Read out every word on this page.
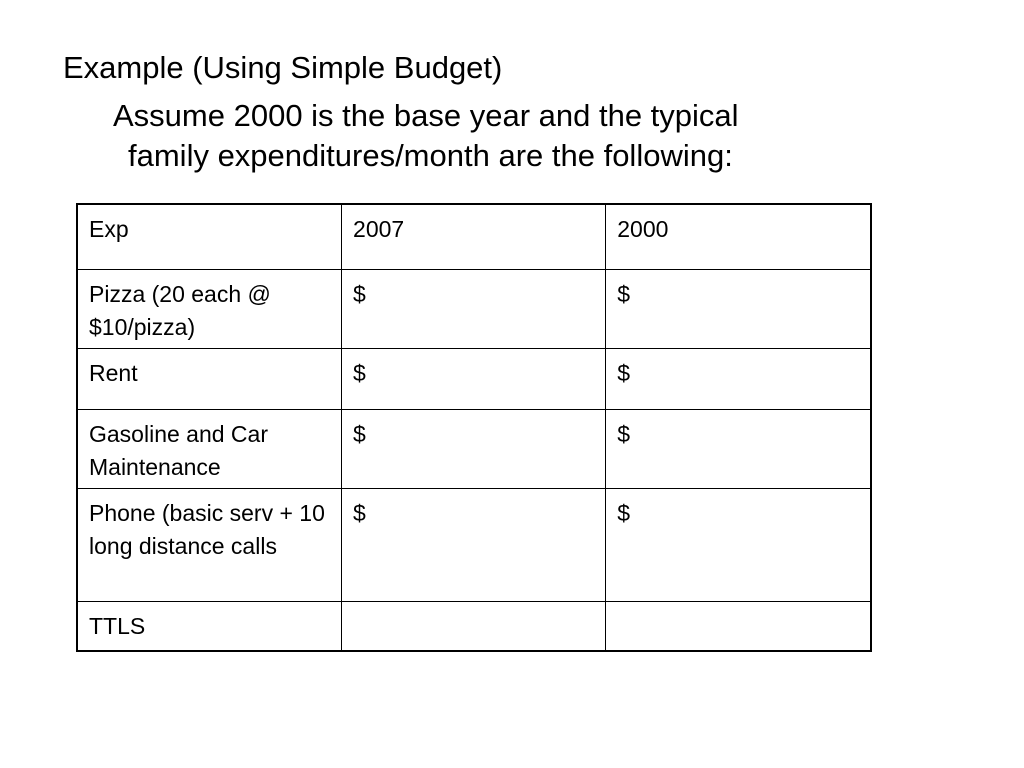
Example (Using Simple Budget)
Assume 2000 is the base year and the typical
family expenditures/month are the following:
Exp	2007	2000
Pizza (20 each @ $10/pizza)	$	$
Rent	$	$
Gasoline and Car Maintenance	$	$
Phone (basic serv + 10 long distance calls	$	$
TTLS		
